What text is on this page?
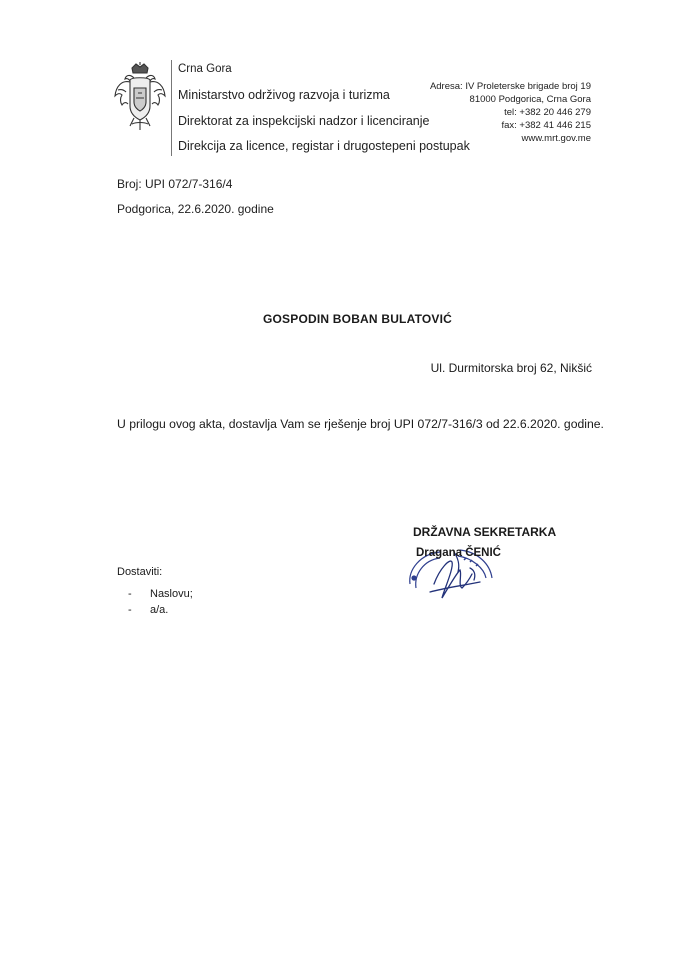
Crna Gora
Ministarstvo održivog razvoja i turizma
Direktorat za inspekcijski nadzor i licenciranje
Direkcija za licence, registar i drugostepeni postupak
Adresa: IV Proleterske brigade broj 19
81000 Podgorica, Crna Gora
tel: +382 20 446 279
fax: +382 41 446 215
www.mrt.gov.me
Broj: UPI 072/7-316/4
Podgorica, 22.6.2020. godine
GOSPODIN BOBAN BULATOVIĆ
Ul. Durmitorska broj 62, Nikšić
U prilogu ovog akta, dostavlja Vam se rješenje broj UPI 072/7-316/3 od 22.6.2020. godine.
DRŽAVNA SEKRETARKA
Dragana ČENIĆ
Dostaviti:
- Naslovu;
- a/a.
